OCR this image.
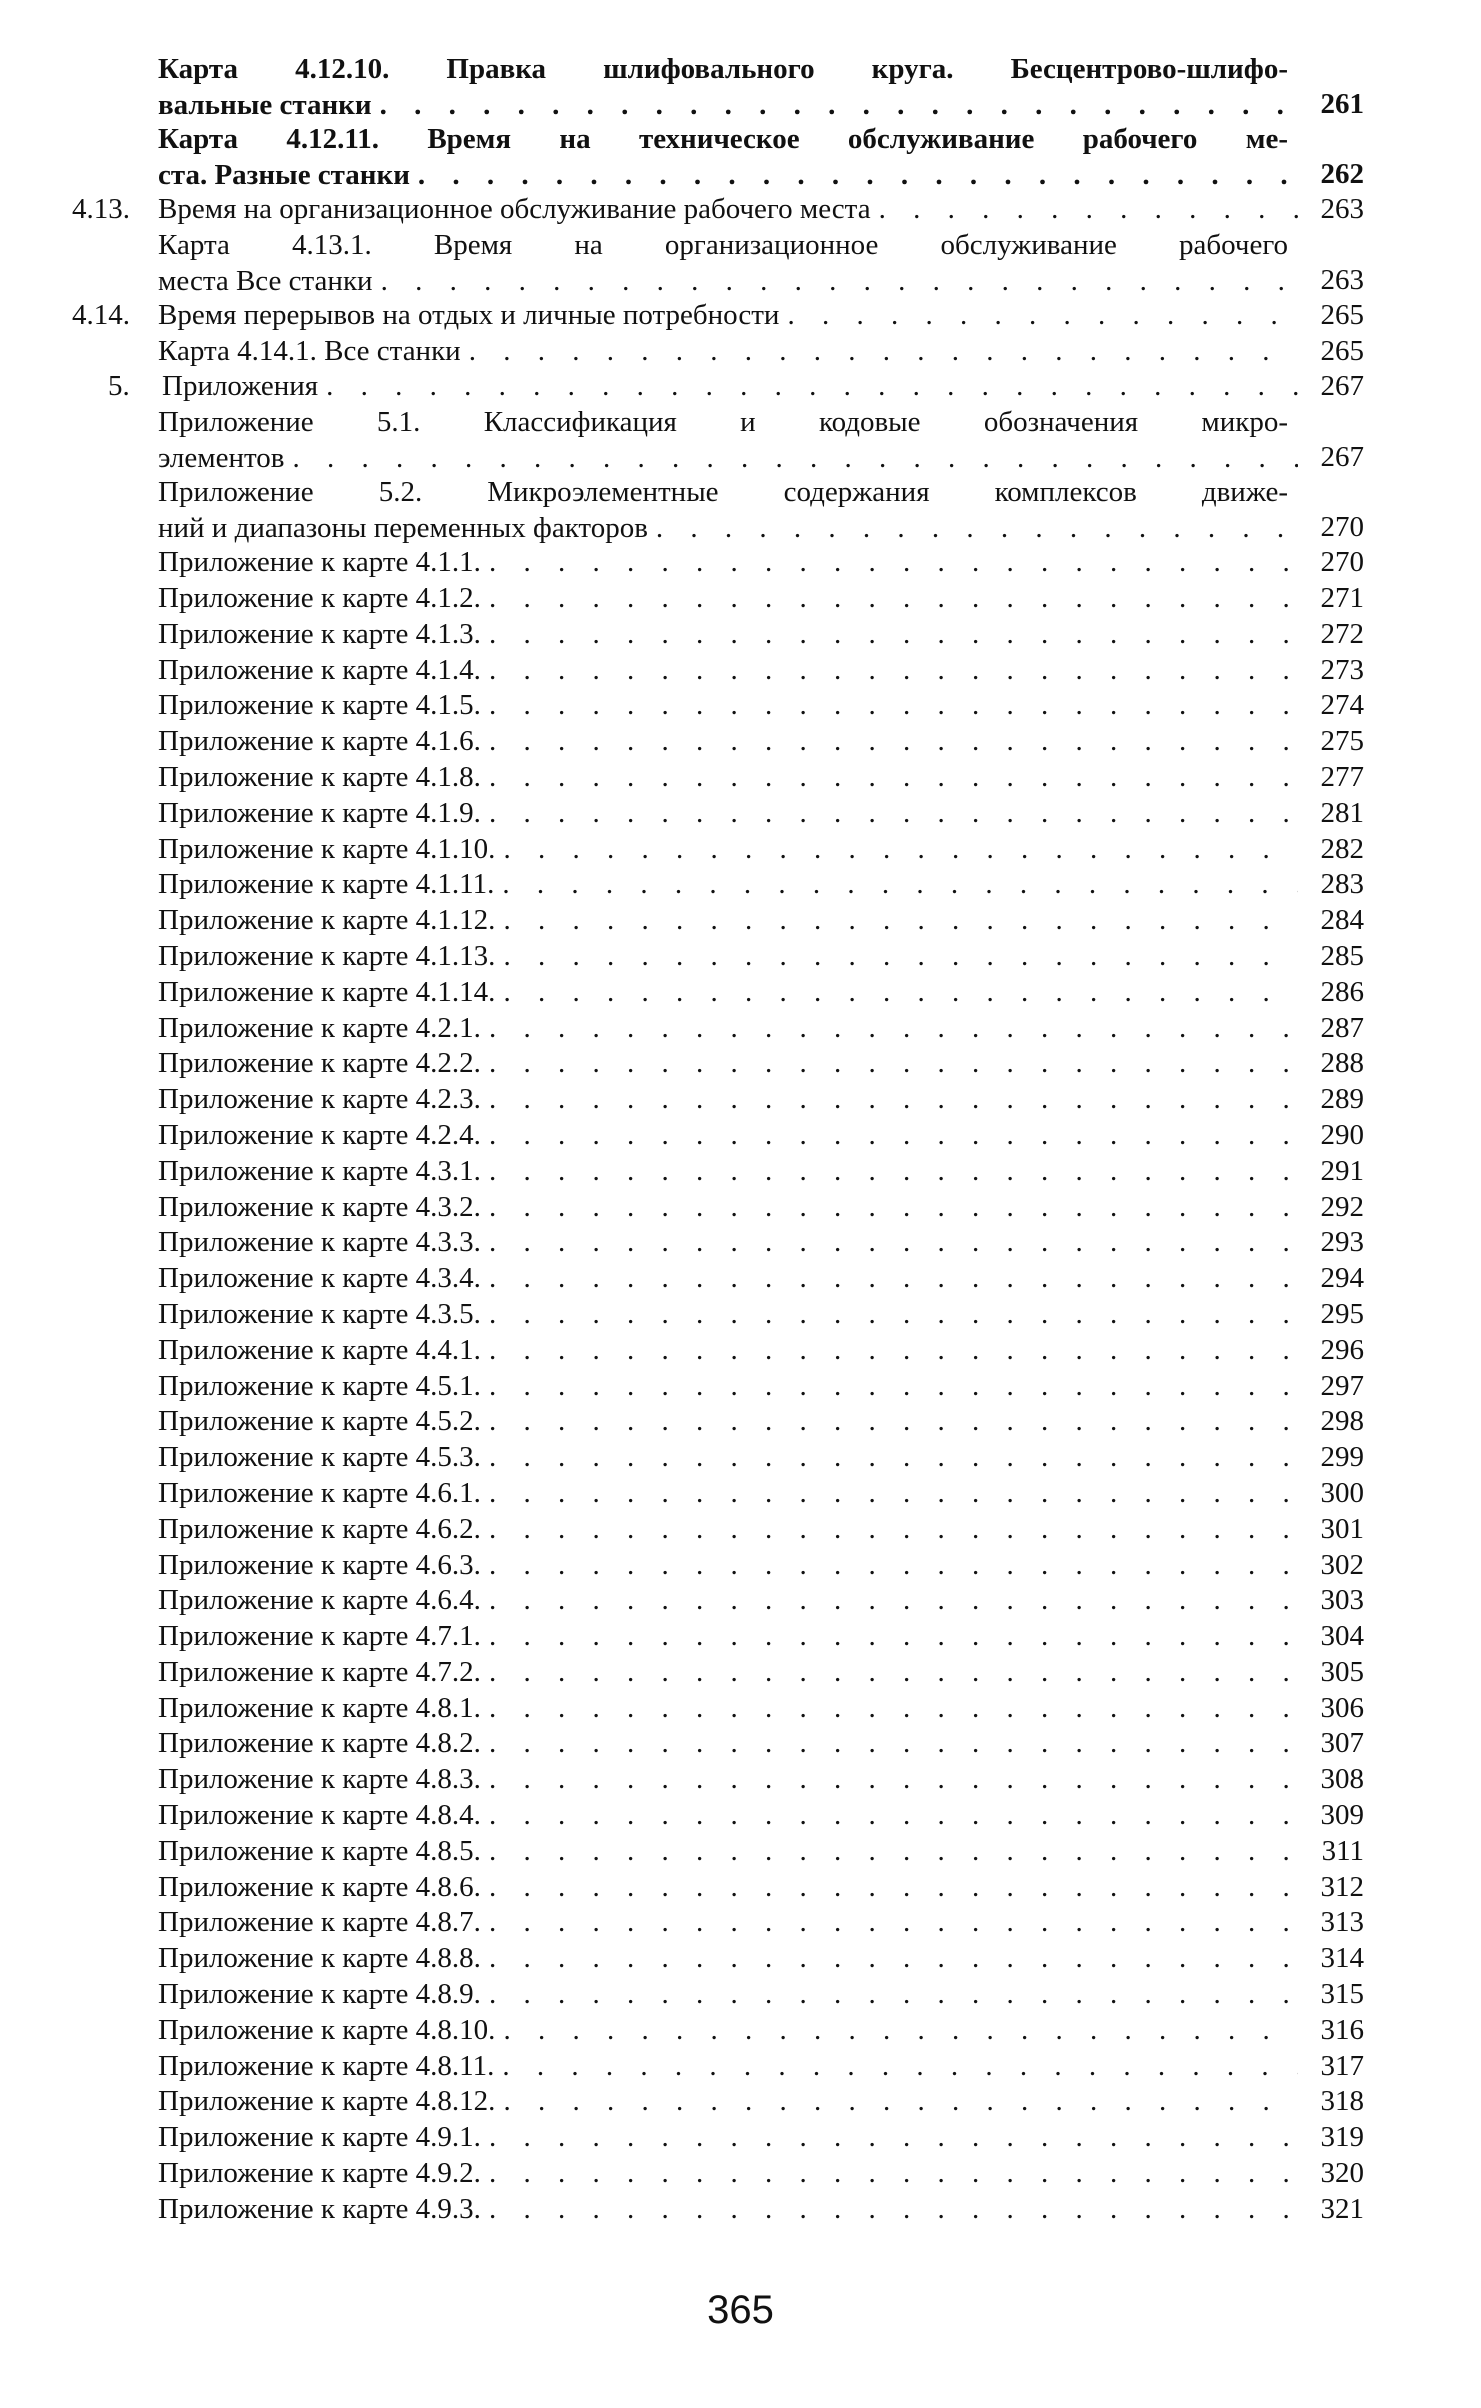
Карта 4.12.10. Правка шлифовального круга. Бесцентрово-шлифо-
вальные станки . . .	261
Карта 4.12.11. Время на техническое обслуживание рабочего ме-
ста. Разные станки . . .	262
4.13. Время на организационное обслуживание рабочего места . . .	263
Карта 4.13.1. Время на организационное обслуживание рабочего
места Все станки . . .	263
4.14. Время перерывов на отдых и личные потребности . . .	265
Карта 4.14.1. Все станки . . .	265
5. Приложения . . .	267
Приложение 5.1. Классификация и кодовые обозначения микро-
элементов . . .	267
Приложение 5.2. Микроэлементные содержания комплексов движе-
ний и диапазоны переменных факторов . . .	270
Приложение к карте 4.1.1. . . .	270
Приложение к карте 4.1.2. . . .	271
Приложение к карте 4.1.3. . . .	272
Приложение к карте 4.1.4. . . .	273
Приложение к карте 4.1.5. . . .	274
Приложение к карте 4.1.6. . . .	275
Приложение к карте 4.1.8. . . .	277
Приложение к карте 4.1.9. . . .	281
Приложение к карте 4.1.10. . . .	282
Приложение к карте 4.1.11. . . .	283
Приложение к карте 4.1.12. . . .	284
Приложение к карте 4.1.13. . . .	285
Приложение к карте 4.1.14. . . .	286
Приложение к карте 4.2.1. . . .	287
Приложение к карте 4.2.2. . . .	288
Приложение к карте 4.2.3. . . .	289
Приложение к карте 4.2.4. . . .	290
Приложение к карте 4.3.1. . . .	291
Приложение к карте 4.3.2. . . .	292
Приложение к карте 4.3.3. . . .	293
Приложение к карте 4.3.4. . . .	294
Приложение к карте 4.3.5. . . .	295
Приложение к карте 4.4.1. . . .	296
Приложение к карте 4.5.1. . . .	297
Приложение к карте 4.5.2. . . .	298
Приложение к карте 4.5.3. . . .	299
Приложение к карте 4.6.1. . . .	300
Приложение к карте 4.6.2. . . .	301
Приложение к карте 4.6.3. . . .	302
Приложение к карте 4.6.4. . . .	303
Приложение к карте 4.7.1. . . .	304
Приложение к карте 4.7.2. . . .	305
Приложение к карте 4.8.1. . . .	306
Приложение к карте 4.8.2. . . .	307
Приложение к карте 4.8.3. . . .	308
Приложение к карте 4.8.4. . . .	309
Приложение к карте 4.8.5. . . .	311
Приложение к карте 4.8.6. . . .	312
Приложение к карте 4.8.7. . . .	313
Приложение к карте 4.8.8. . . .	314
Приложение к карте 4.8.9. . . .	315
Приложение к карте 4.8.10. . . .	316
Приложение к карте 4.8.11. . . .	317
Приложение к карте 4.8.12. . . .	318
Приложение к карте 4.9.1. . . .	319
Приложение к карте 4.9.2. . . .	320
Приложение к карте 4.9.3. . . .	321
365
